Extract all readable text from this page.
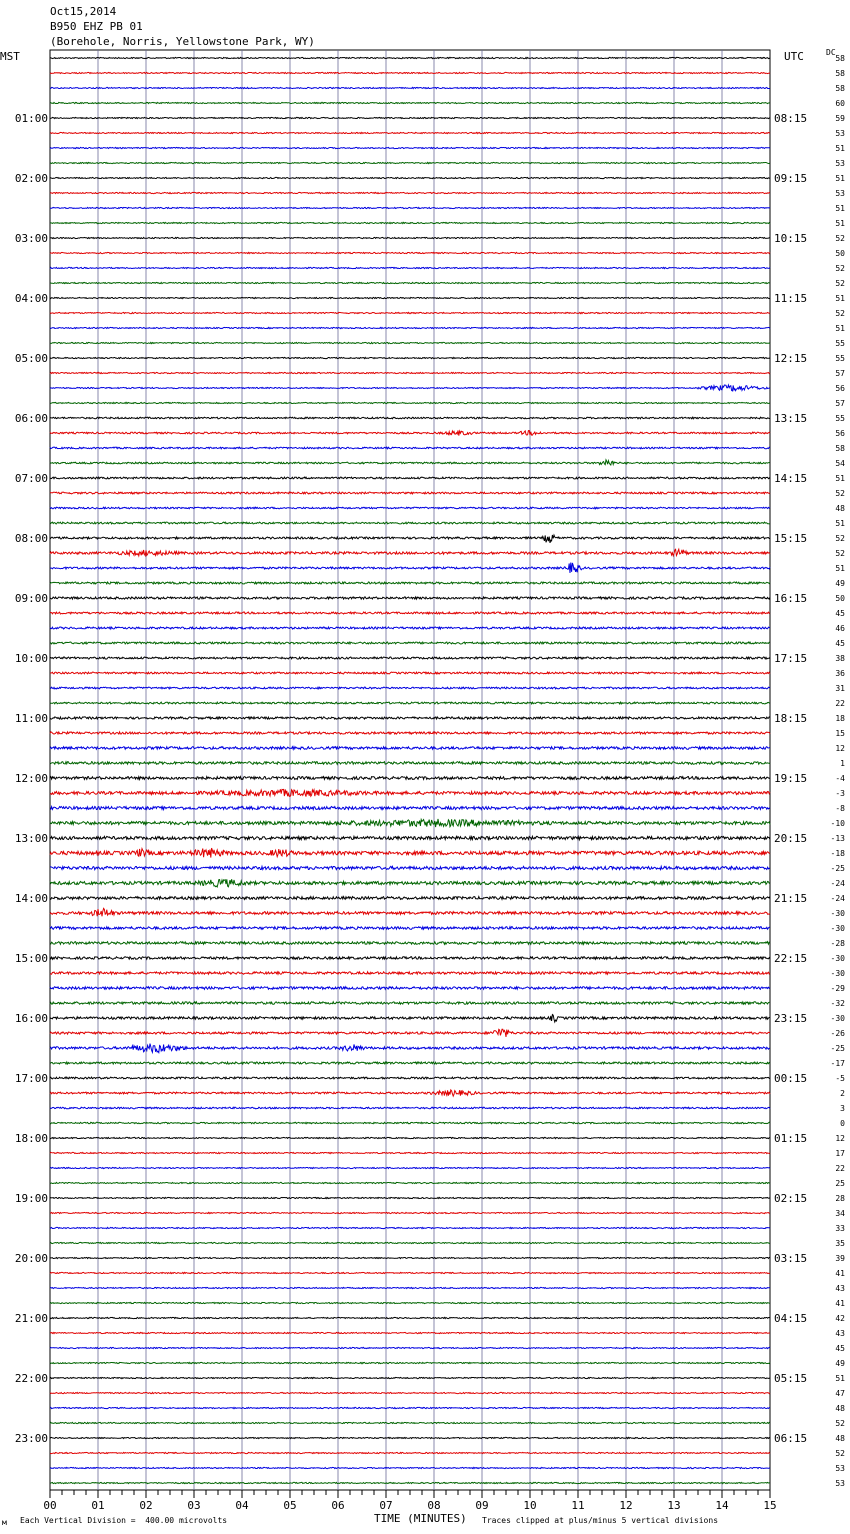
Oct15,2014
B950 EHZ PB 01
(Borehole, Norris, Yellowstone Park, WY)
MST	UTC	DC
58
58
58
60
59
53
51
53
51
53
51
51
52
50
52
52
51
52
51
55
55
57
56
57
55
56
58
54
51
52
48
51
52
52
51
49
50
45
46
45
38
36
31
22
18
15
12
1
-4
-3
-8
-10
-13
-18
-25
-24
-24
-30
-30
-28
-30
-30
-29
-32
-30
-26
-25
-17
-5
2
3
0
12
17
22
25
28
34
33
35
39
41
43
41
42
43
45
49
51
47
48
52
48
52
53
53
01:00
02:00
03:00
04:00
05:00
06:00
07:00
08:00
09:00
10:00
11:00
12:00
13:00
14:00
15:00
16:00
17:00
18:00
19:00
20:00
21:00
22:00
23:00
08:15
09:15
10:15
11:15
12:15
13:15
14:15
15:15
16:15
17:15
18:15
19:15
20:15
21:15
22:15
23:15
00:15
01:15
02:15
03:15
04:15
05:15
06:15
00	01	02	03	04	05	06	07	08	09	10	11	12	13	14	15
м Each Vertical Division =  400.00 microvolts	TIME (MINUTES) Traces clipped at plus/minus 5 vertical divisions
